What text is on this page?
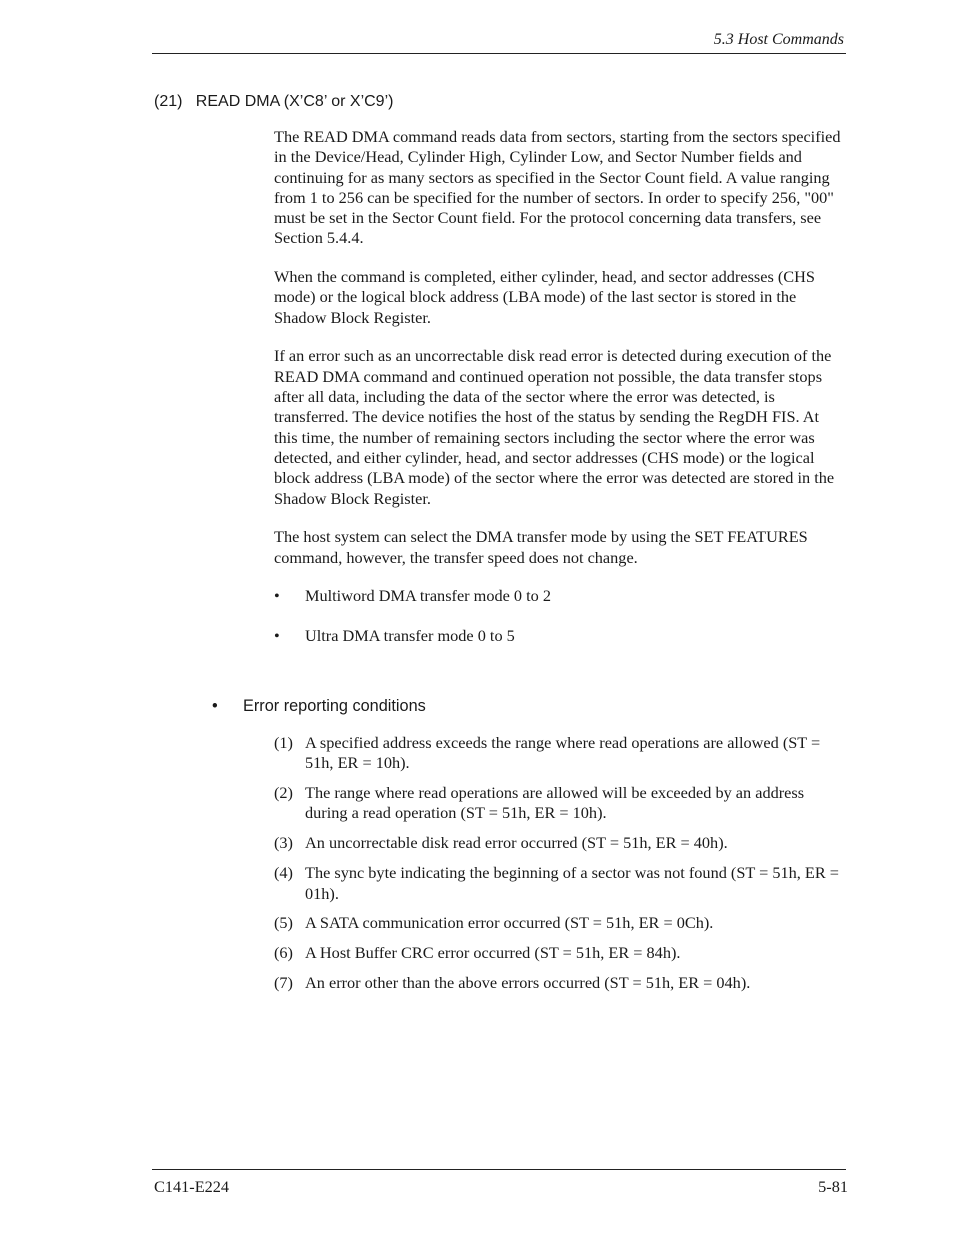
5.3 Host Commands
(21)   READ DMA (X’C8’ or X’C9’)

The READ DMA command reads data from sectors, starting from the sectors specified in the Device/Head, Cylinder High, Cylinder Low, and Sector Number fields and continuing for as many sectors as specified in the Sector Count field. A value ranging from 1 to 256 can be specified for the number of sectors. In order to specify 256, "00" must be set in the Sector Count field. For the protocol concerning data transfers, see Section 5.4.4.

When the command is completed, either cylinder, head, and sector addresses (CHS mode) or the logical block address (LBA mode) of the last sector is stored in the Shadow Block Register.

If an error such as an uncorrectable disk read error is detected during execution of the READ DMA command and continued operation not possible, the data transfer stops after all data, including the data of the sector where the error was detected, is transferred. The device notifies the host of the status by sending the RegDH FIS. At this time, the number of remaining sectors including the sector where the error was detected, and either cylinder, head, and sector addresses (CHS mode) or the logical block address (LBA mode) of the sector where the error was detected are stored in the Shadow Block Register.

The host system can select the DMA transfer mode by using the SET FEATURES command, however, the transfer speed does not change.

• Multiword DMA transfer mode 0 to 2
• Ultra DMA transfer mode 0 to 5
• Error reporting conditions
(1) A specified address exceeds the range where read operations are allowed (ST = 51h, ER = 10h).
(2) The range where read operations are allowed will be exceeded by an address during a read operation (ST = 51h, ER = 10h).
(3) An uncorrectable disk read error occurred (ST = 51h, ER = 40h).
(4) The sync byte indicating the beginning of a sector was not found (ST = 51h, ER = 01h).
(5) A SATA communication error occurred (ST = 51h, ER = 0Ch).
(6) A Host Buffer CRC error occurred (ST = 51h, ER = 84h).
(7) An error other than the above errors occurred (ST = 51h, ER = 04h).
C141-E224	5-81
